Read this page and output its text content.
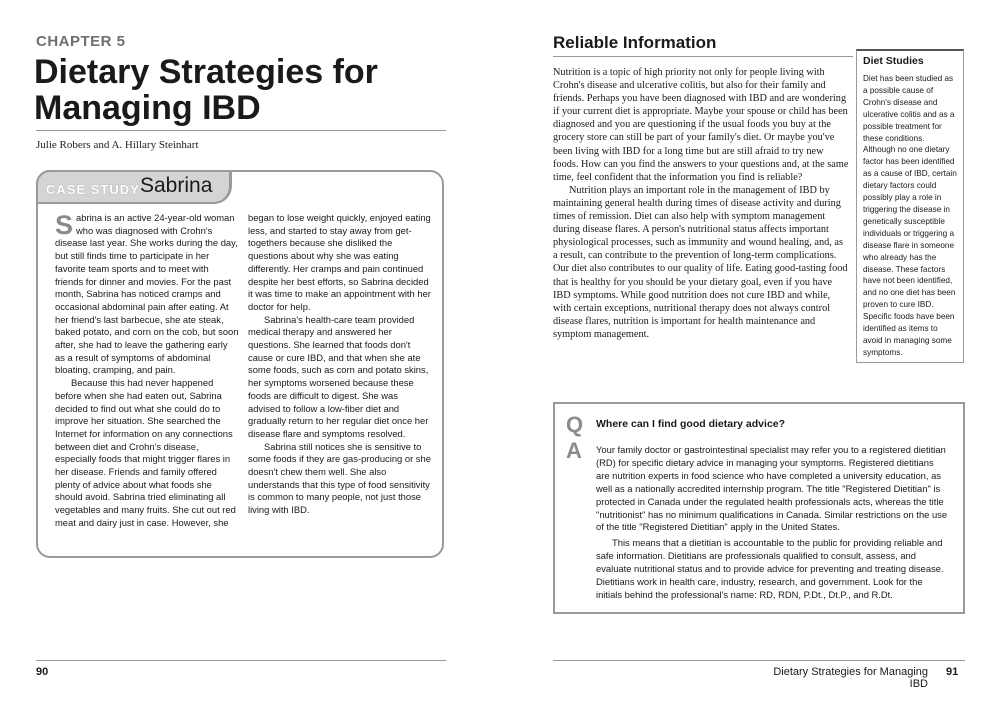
CHAPTER 5
Dietary Strategies for Managing IBD
Julie Robers and A. Hillary Steinhart
CASE STUDY Sabrina

Sabrina is an active 24-year-old woman who was diagnosed with Crohn's disease last year. She works during the day, but still finds time to participate in her favorite team sports and to meet with friends for dinner and movies. For the past month, Sabrina has noticed cramps and occasional abdominal pain after eating. At her friend's last barbecue, she ate steak, baked potato, and corn on the cob, but soon after, she had to leave the gathering early as a result of symptoms of abdominal bloating, cramping, and pain.

Because this had never happened before when she had eaten out, Sabrina decided to find out what she could do to improve her situation. She searched the Internet for information on any connections between diet and Crohn's disease, especially foods that might trigger flares in her disease. Friends and family offered plenty of advice about what foods she should avoid. Sabrina tried eliminating all vegetables and many fruits. She cut out red meat and dairy just in case. However, she

began to lose weight quickly, enjoyed eating less, and started to stay away from get-togethers because she disliked the questions about why she was eating differently. Her cramps and pain continued despite her best efforts, so Sabrina decided it was time to make an appointment with her doctor for help.

Sabrina's health-care team provided medical therapy and answered her questions. She learned that foods don't cause or cure IBD, and that when she ate some foods, such as corn and potato skins, her symptoms worsened because these foods are difficult to digest. She was advised to follow a low-fiber diet and gradually return to her regular diet once her disease flare and symptoms resolved.

Sabrina still notices she is sensitive to some foods if they are gas-producing or she doesn't chew them well. She also understands that this type of food sensitivity is common to many people, not just those living with IBD.

90
Reliable Information

Nutrition is a topic of high priority not only for people living with Crohn's disease and ulcerative colitis, but also for their family and friends. Perhaps you have been diagnosed with IBD and are wondering if your current diet is appropriate. Maybe your spouse or child has been diagnosed and you are questioning if the usual foods you buy at the grocery store can still be part of your family's diet. Or maybe you've been living with IBD for a long time but are still afraid to try new foods. How can you find the answers to your questions and, at the same time, feel confident that the information you find is reliable?

Nutrition plays an important role in the management of IBD by maintaining general health during times of disease activity and during times of remission. Diet can also help with symptom management during disease flares. A person's nutritional status affects important physiological processes, such as immunity and wound healing, and, as a result, can contribute to the prevention of long-term complications. Our diet also contributes to our quality of life. Eating good-tasting food that is healthy for you should be your dietary goal, even if you have IBD symptoms. While good nutrition does not cure IBD and while, with certain exceptions, nutritional therapy does not always control disease flares, nutrition is important for health maintenance and symptom management.

Diet Studies
Diet has been studied as a possible cause of Crohn's disease and ulcerative colitis and as a possible treatment for these conditions. Although no one dietary factor has been identified as a cause of IBD, certain dietary factors could possibly play a role in triggering the disease in genetically susceptible individuals or triggering a disease flare in someone who already has the disease. These factors have not been identified, and no one diet has been proven to cure IBD. Specific foods have been identified as items to avoid in managing some symptoms.
Q
A
Where can I find good dietary advice?

Your family doctor or gastrointestinal specialist may refer you to a registered dietitian (RD) for specific dietary advice in managing your symptoms. Registered dietitians are nutrition experts in food science who have completed a university education, as well as a nationally accredited internship program. The title "Registered Dietitian" is protected in Canada under the regulated health professionals acts, whereas the title "nutritionist" has no minimum qualifications in Canada. Similar restrictions on the use of the title "Registered Dietitian" apply in the United States.

This means that a dietitian is accountable to the public for providing reliable and safe information. Dietitians are professionals qualified to consult, assess, and evaluate nutritional status and to provide advice for preventing and treating disease. Dietitians work in health care, industry, research, and government. Look for the initials behind the professional's name: RD, RDN, P.Dt., Dt.P., and R.Dt.

Dietary Strategies for Managing IBD
91
